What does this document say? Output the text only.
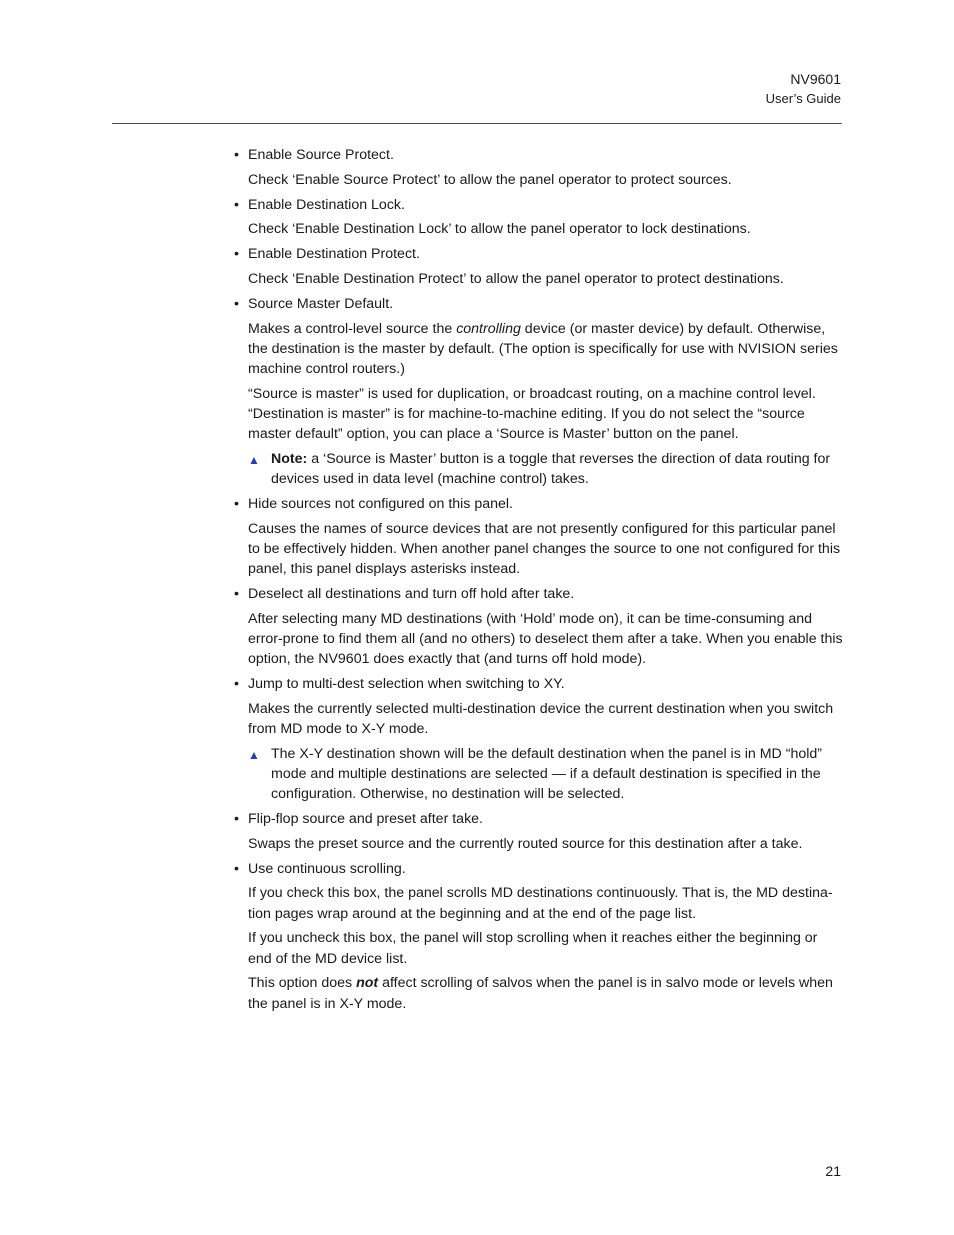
NV9601
User’s Guide
• Enable Source Protect.
Check ‘Enable Source Protect’ to allow the panel operator to protect sources.
• Enable Destination Lock.
Check ‘Enable Destination Lock’ to allow the panel operator to lock destinations.
• Enable Destination Protect.
Check ‘Enable Destination Protect’ to allow the panel operator to protect destinations.
• Source Master Default.
Makes a control-level source the controlling device (or master device) by default. Otherwise, the destination is the master by default. (The option is specifically for use with NVISION series machine control routers.)
“Source is master” is used for duplication, or broadcast routing, on a machine control level. “Destination is master” is for machine-to-machine editing. If you do not select the “source master default” option, you can place a ‘Source is Master’ button on the panel.
▲ Note: a ‘Source is Master’ button is a toggle that reverses the direction of data routing for devices used in data level (machine control) takes.
• Hide sources not configured on this panel.
Causes the names of source devices that are not presently configured for this particular panel to be effectively hidden. When another panel changes the source to one not configured for this panel, this panel displays asterisks instead.
• Deselect all destinations and turn off hold after take.
After selecting many MD destinations (with ‘Hold’ mode on), it can be time-consuming and error-prone to find them all (and no others) to deselect them after a take. When you enable this option, the NV9601 does exactly that (and turns off hold mode).
• Jump to multi-dest selection when switching to XY.
Makes the currently selected multi-destination device the current destination when you switch from MD mode to X-Y mode.
▲ The X-Y destination shown will be the default destination when the panel is in MD “hold” mode and multiple destinations are selected — if a default destination is specified in the configuration. Otherwise, no destination will be selected.
• Flip-flop source and preset after take.
Swaps the preset source and the currently routed source for this destination after a take.
• Use continuous scrolling.
If you check this box, the panel scrolls MD destinations continuously. That is, the MD destination pages wrap around at the beginning and at the end of the page list.
If you uncheck this box, the panel will stop scrolling when it reaches either the beginning or end of the MD device list.
This option does not affect scrolling of salvos when the panel is in salvo mode or levels when the panel is in X-Y mode.
21
